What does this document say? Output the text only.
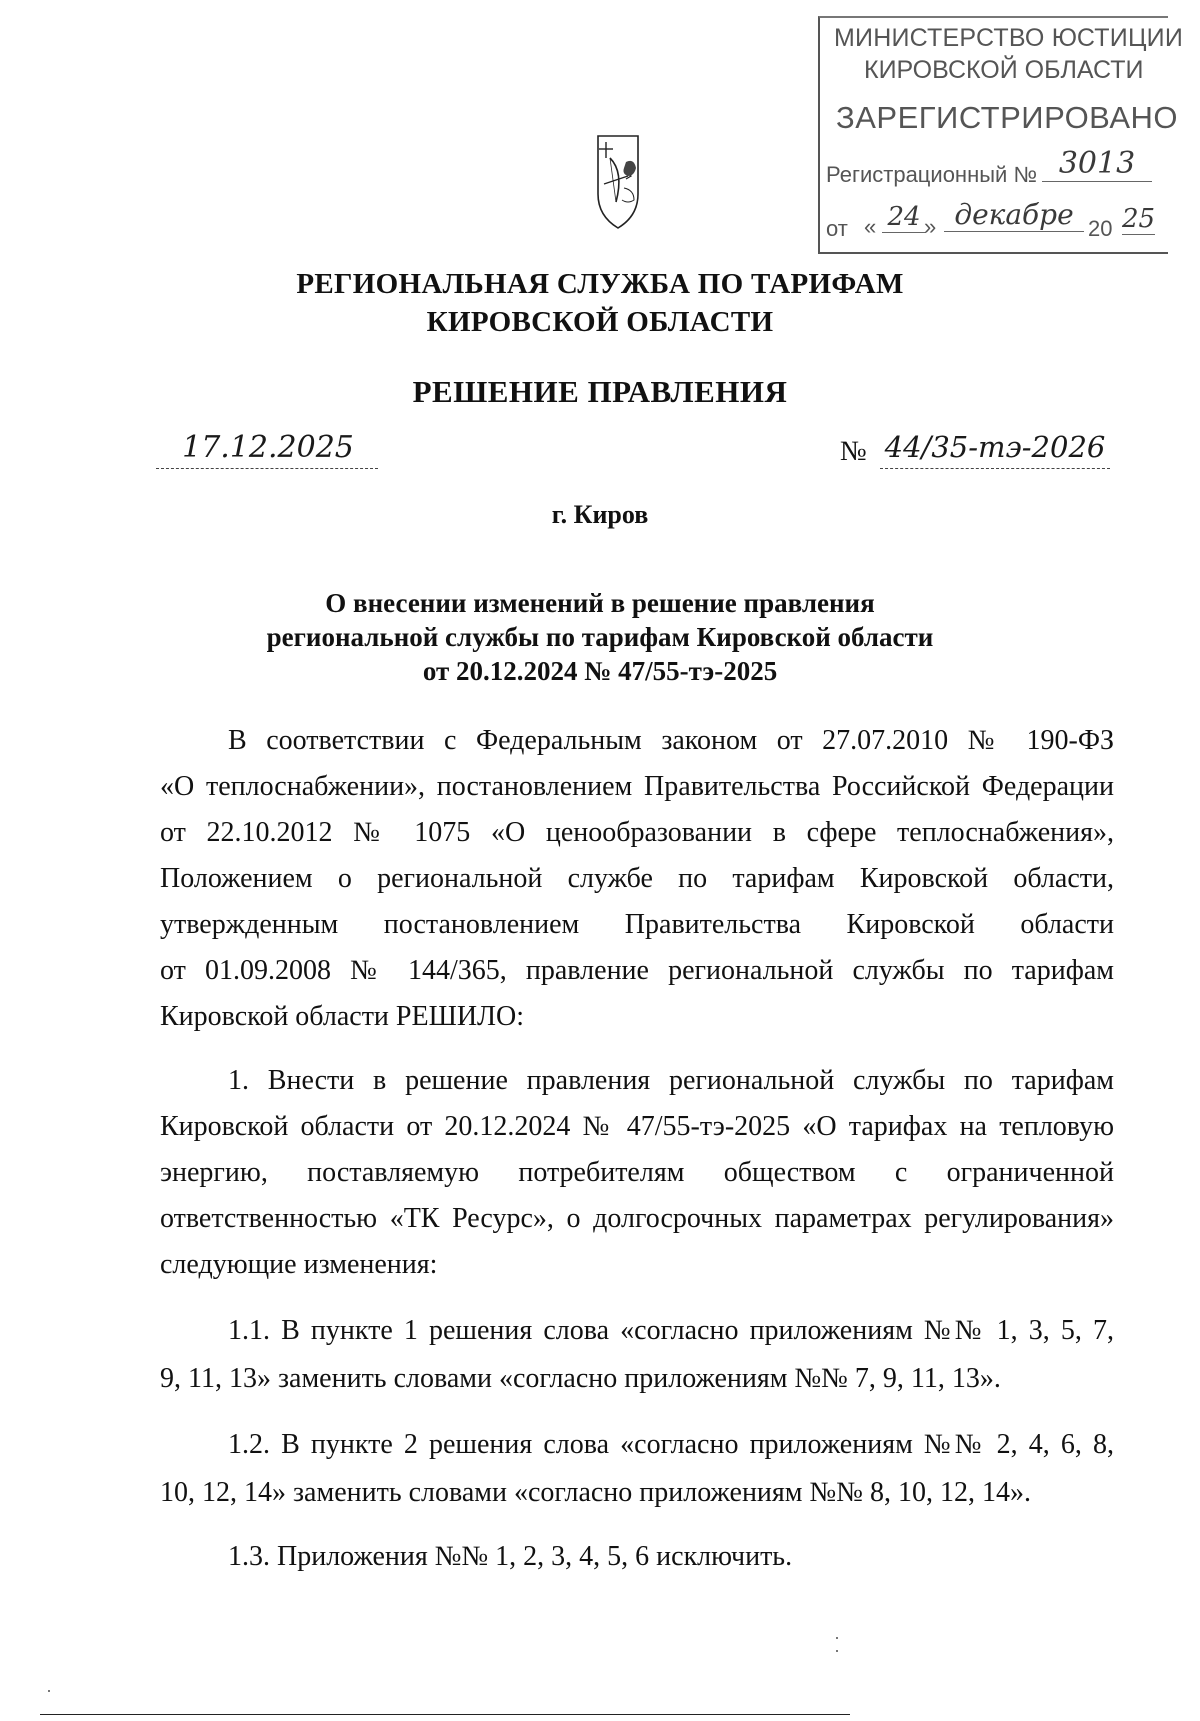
МИНИСТЕРСТВО ЮСТИЦИИ
КИРОВСКОЙ ОБЛАСТИ
ЗАРЕГИСТРИРОВАНО
Регистрационный № 3013
от « 24 » декабре 20 25
РЕГИОНАЛЬНАЯ СЛУЖБА ПО ТАРИФАМ
КИРОВСКОЙ ОБЛАСТИ
РЕШЕНИЕ ПРАВЛЕНИЯ
17.12.2025	№ 44/35-тэ-2026
г. Киров
О внесении изменений в решение правления
региональной службы по тарифам Кировской области
от 20.12.2024 № 47/55-тэ-2025
В соответствии с Федеральным законом от 27.07.2010 № 190-ФЗ
«О теплоснабжении», постановлением Правительства Российской Федерации
от 22.10.2012 № 1075 «О ценообразовании в сфере теплоснабжения»,
Положением о региональной службе по тарифам Кировской области,
утвержденным постановлением Правительства Кировской области
от 01.09.2008 № 144/365, правление региональной службы по тарифам
Кировской области РЕШИЛО:
1. Внести в решение правления региональной службы по тарифам
Кировской области от 20.12.2024 № 47/55-тэ-2025 «О тарифах на тепловую
энергию, поставляемую потребителям обществом с ограниченной
ответственностью «ТК Ресурс», о долгосрочных параметрах регулирования»
следующие изменения:
1.1. В пункте 1 решения слова «согласно приложениям №№ 1, 3, 5, 7,
9, 11, 13» заменить словами «согласно приложениям №№ 7, 9, 11, 13».
1.2. В пункте 2 решения слова «согласно приложениям №№ 2, 4, 6, 8,
10, 12, 14» заменить словами «согласно приложениям №№ 8, 10, 12, 14».
1.3. Приложения №№ 1, 2, 3, 4, 5, 6 исключить.
